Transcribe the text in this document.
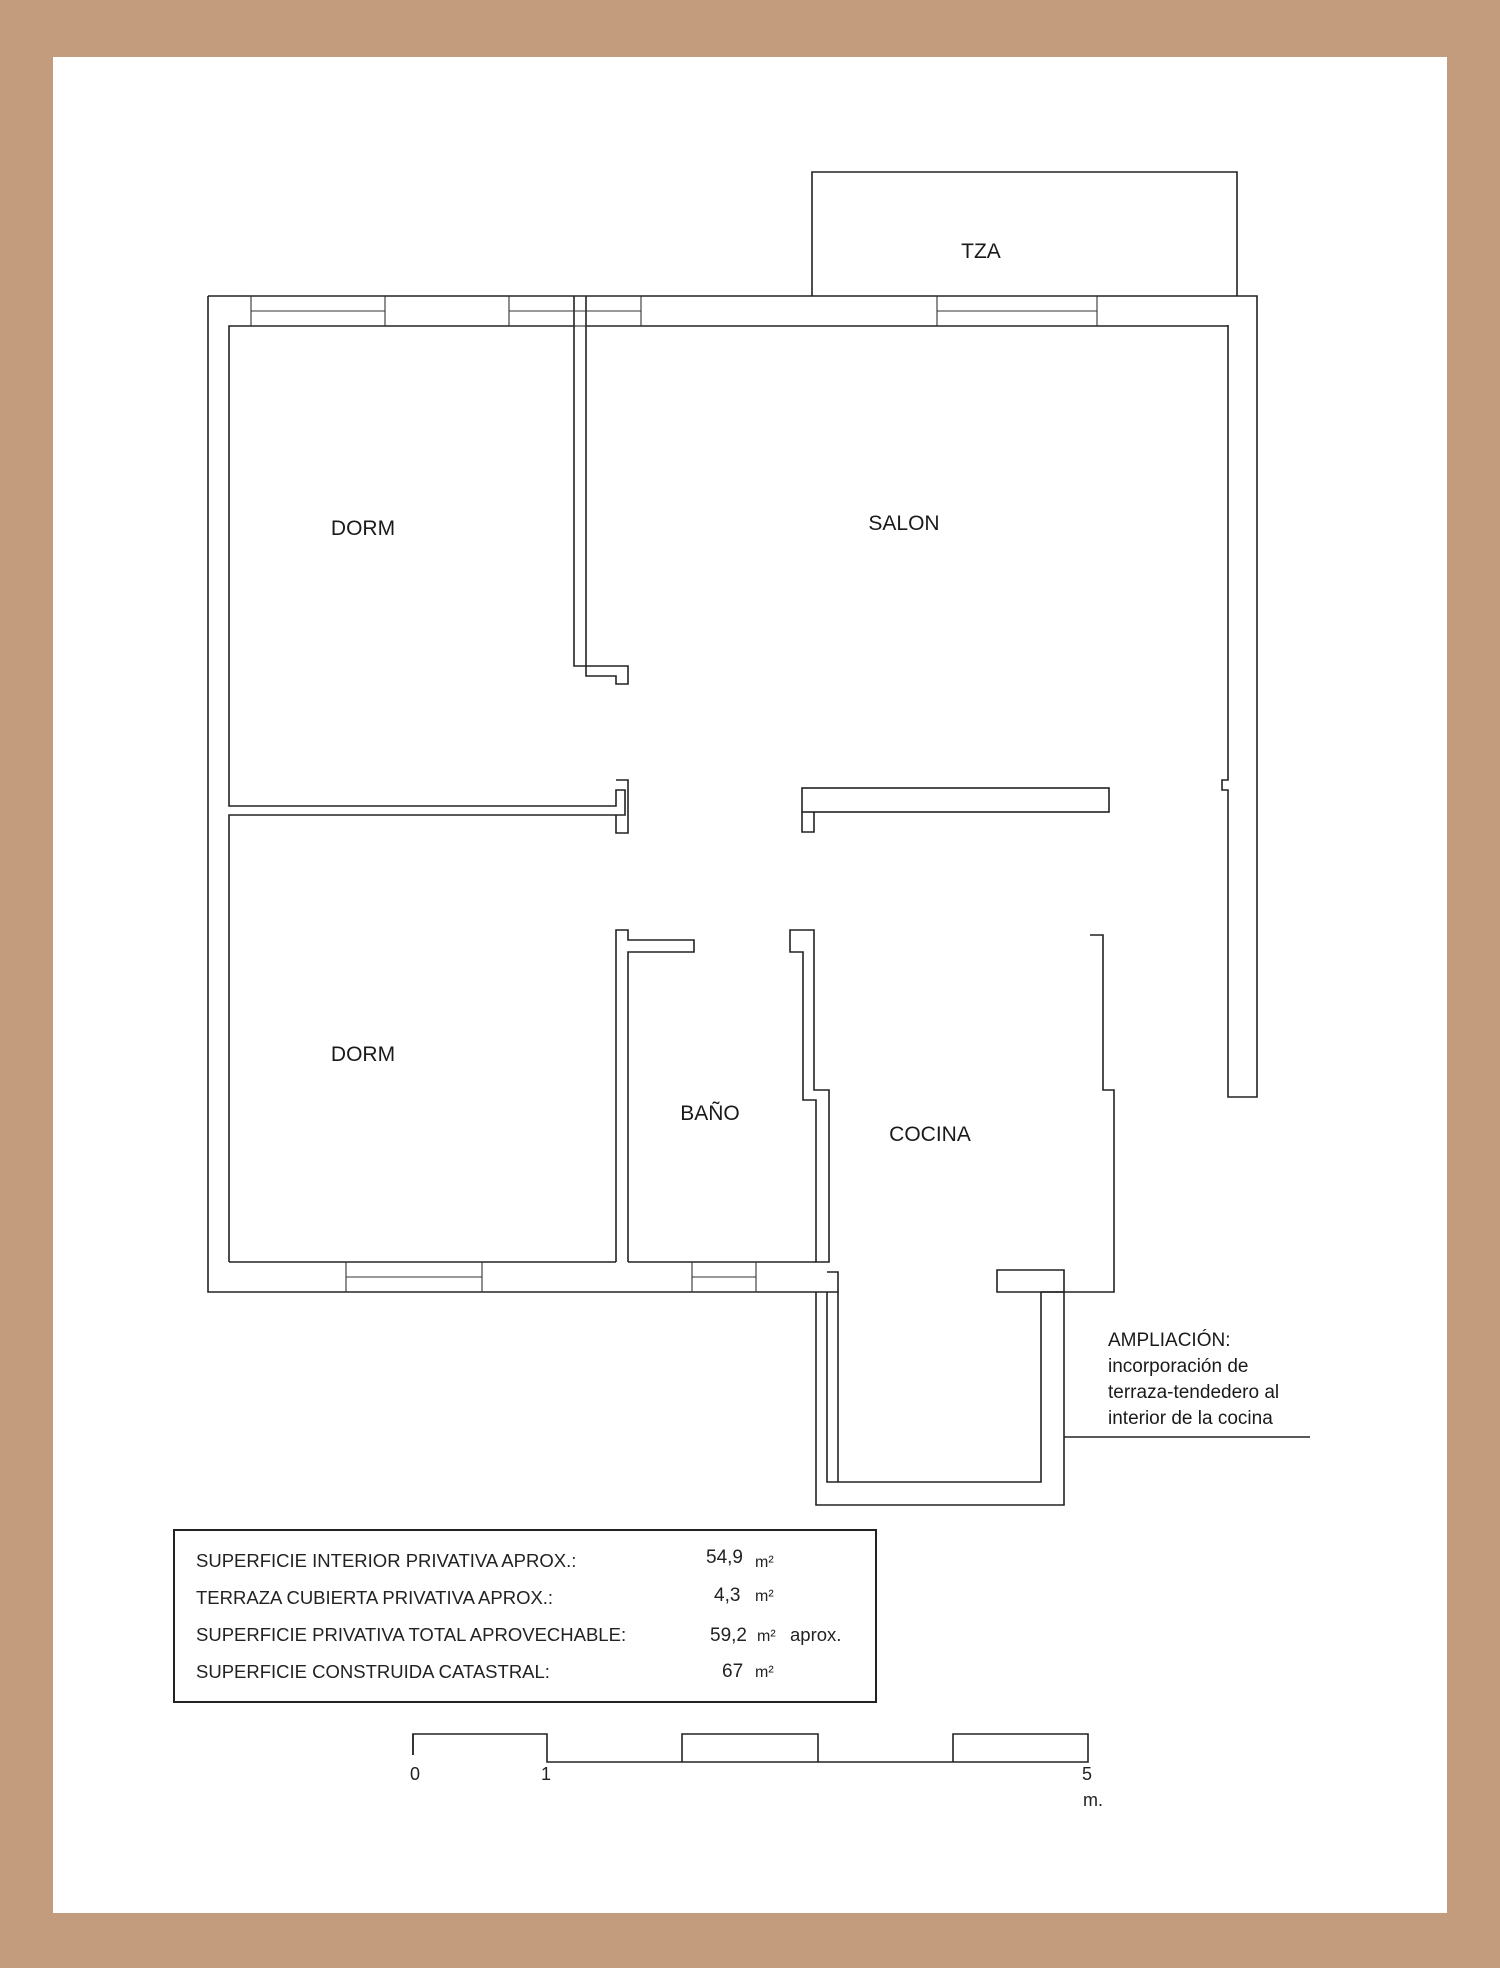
TZA
DORM	SALON
DORM
BAÑO
COCINA
AMPLIACIÓN:
incorporación de
terraza-tendedero al
interior de la cocina
SUPERFICIE INTERIOR PRIVATIVA APROX.:	54,9 m²
TERRAZA CUBIERTA PRIVATIVA APROX.:	4,3 m²
SUPERFICIE PRIVATIVA TOTAL APROVECHABLE:	59,2 m² aprox.
SUPERFICIE CONSTRUIDA CATASTRAL:	67 m²
0	1	5
m.
